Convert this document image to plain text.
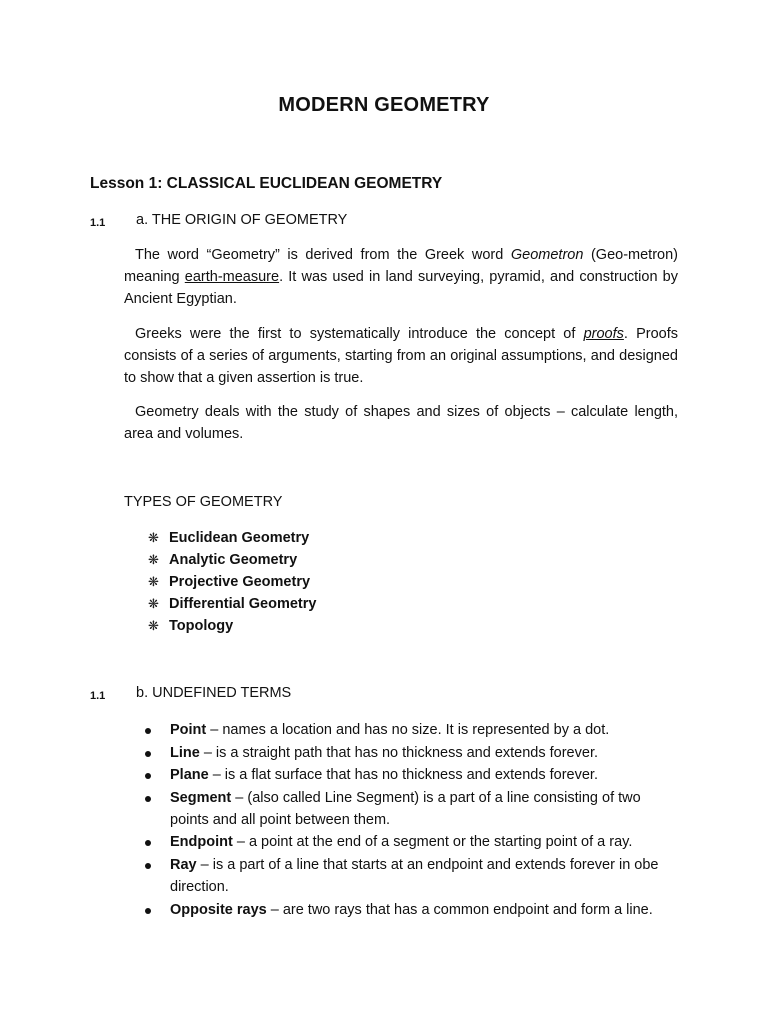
MODERN GEOMETRY
Lesson 1: CLASSICAL EUCLIDEAN GEOMETRY
1.1 a. THE ORIGIN OF GEOMETRY

The word “Geometry” is derived from the Greek word Geometron (Geo-metron) meaning earth-measure. It was used in land surveying, pyramid, and construction by Ancient Egyptian.

Greeks were the first to systematically introduce the concept of proofs. Proofs consists of a series of arguments, starting from an original assumptions, and designed to show that a given assertion is true.

Geometry deals with the study of shapes and sizes of objects – calculate length, area and volumes.

TYPES OF GEOMETRY
❋ Euclidean Geometry
❋ Analytic Geometry
❋ Projective Geometry
❋ Differential Geometry
❋ Topology
1.1 b. UNDEFINED TERMS
Point – names a location and has no size. It is represented by a dot.
Line – is a straight path that has no thickness and extends forever.
Plane – is a flat surface that has no thickness and extends forever.
Segment – (also called Line Segment) is a part of a line consisting of two points and all point between them.
Endpoint – a point at the end of a segment or the starting point of a ray.
Ray – is a part of a line that starts at an endpoint and extends forever in obe direction.
Opposite rays – are two rays that has a common endpoint and form a line.
